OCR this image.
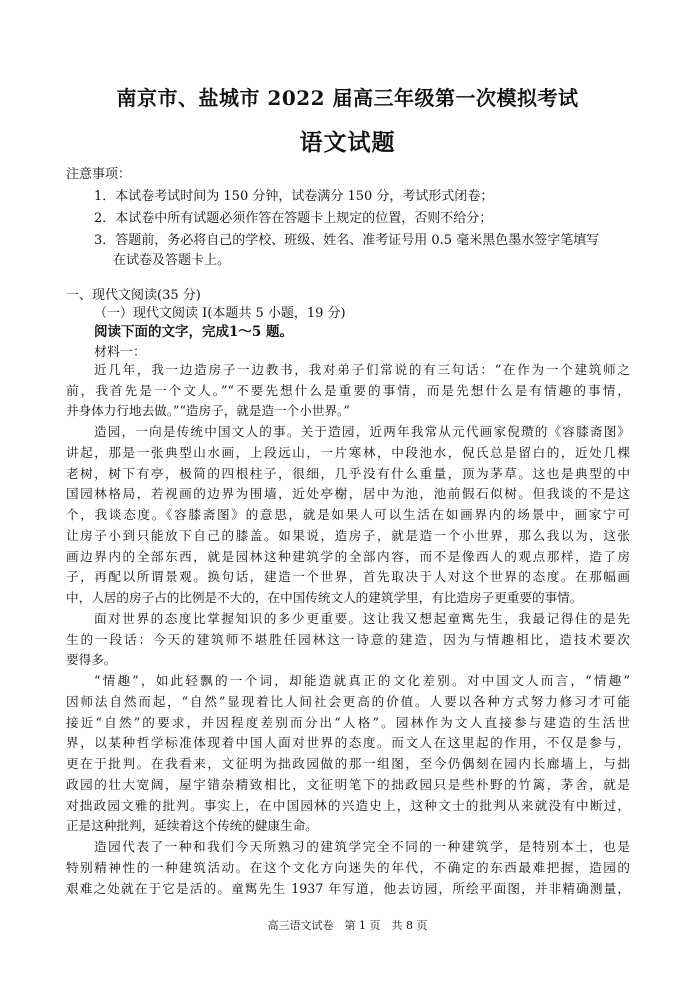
南京市、盐城市 2022 届高三年级第一次模拟考试
语文试题
注意事项：
1．本试卷考试时间为 150 分钟，试卷满分 150 分，考试形式闭卷；
2．本试卷中所有试题必须作答在答题卡上规定的位置，否则不给分；
3．答题前，务必将自己的学校、班级、姓名、准考证号用 0.5 毫米黑色墨水签字笔填写
在试卷及答题卡上。
一、现代文阅读(35 分)
（一）现代文阅读 I(本题共 5 小题，19 分)
阅读下面的文字，完成1～5 题。
材料一：
近几年，我一边造房子一边教书，我对弟子们常说的有三句话：“在作为一个建筑师之
前，我首先是一个文人。”“不要先想什么是重要的事情，而是先想什么是有情趣的事情，
并身体力行地去做。”“造房子，就是造一个小世界。”
造园，一向是传统中国文人的事。关于造园，近两年我常从元代画家倪瓒的《容膝斋图》
讲起，那是一张典型山水画，上段远山，一片寒林，中段池水，倪氏总是留白的，近处几棵
老树，树下有亭，极简的四根柱子，很细，几乎没有什么重量，顶为茅草。这也是典型的中
国园林格局，若视画的边界为围墙，近处亭榭，居中为池，池前假石似树。但我谈的不是这
个，我谈态度。《容膝斋图》的意思，就是如果人可以生活在如画界内的场景中，画家宁可
让房子小到只能放下自己的膝盖。如果说，造房子，就是造一个小世界，那么我以为，这张
画边界内的全部东西，就是园林这种建筑学的全部内容，而不是像西人的观点那样，造了房
子，再配以所谓景观。换句话，建造一个世界，首先取决于人对这个世界的态度。在那幅画
中，人居的房子占的比例是不大的，在中国传统文人的建筑学里，有比造房子更重要的事情。
面对世界的态度比掌握知识的多少更重要。这让我又想起童寯先生，我最记得住的是先
生的一段话：今天的建筑师不堪胜任园林这一诗意的建造，因为与情趣相比，造技术要次
要得多。
“情趣”，如此轻飘的一个词，却能造就真正的文化差别。对中国文人而言，“情趣”
因师法自然而起，“自然”显现着比人间社会更高的价值。人要以各种方式努力修习才可能
接近“自然”的要求，并因程度差别而分出“人格”。园林作为文人直接参与建造的生活世
界，以某种哲学标准体现着中国人面对世界的态度。而文人在这里起的作用，不仅是参与，
更在于批判。在我看来，文征明为拙政园做的那一组图，至今仍偶刻在园内长廊墙上，与拙
政园的壮大宽阔，屋宇错杂精致相比，文征明笔下的拙政园只是些朴野的竹篱，茅舍，就是
对拙政园文雅的批判。事实上，在中国园林的兴造史上，这种文士的批判从来就没有中断过，
正是这种批判，延续着这个传统的健康生命。
造园代表了一种和我们今天所熟习的建筑学完全不同的一种建筑学，是特别本土，也是
特别精神性的一种建筑活动。在这个文化方向迷失的年代，不确定的东西最难把握，造园的
艰难之处就在于它是活的。童寯先生 1937 年写道，他去访园，所绘平面图，并非精确测量，
高三语文试卷　第 1 页　共 8 页
